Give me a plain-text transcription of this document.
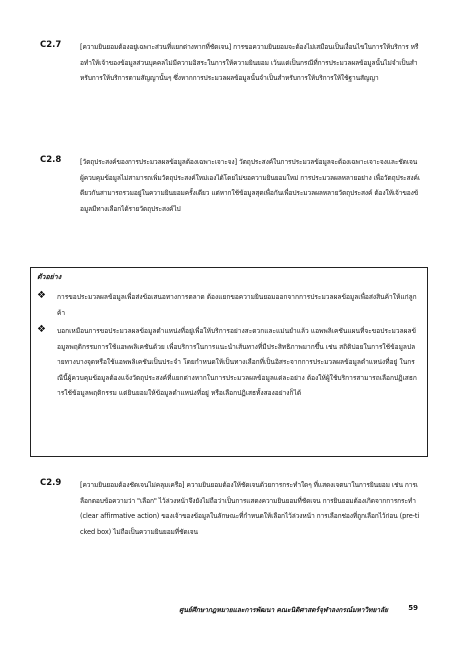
C2.7	[ความยินยอมต้องอยู่เฉพาะส่วนที่แยกต่างหากที่ชัดเจน] การขอความยินยอมจะต้องไม่เสมือนเป็นเงื่อนไขในการให้บริการ หรือทำให้เจ้าของข้อมูลส่วนบุคคลไม่มีความอิสระในการให้ความยินยอม เว้นแต่เป็นกรณีที่การประมวลผลข้อมูลนั้นไม่จำเป็นสำหรับการให้บริการตามสัญญานั้นๆ ซึ่งหากการประมวลผลข้อมูลนั้นจำเป็นสำหรับการให้บริการให้ใช้ฐานสัญญา
C2.8	[วัตถุประสงค์ของการประมวลผลข้อมูลต้องเฉพาะเจาะจง] วัตถุประสงค์ในการประมวลข้อมูลจะต้องเฉพาะเจาะจงและชัดเจน ผู้ควบคุมข้อมูลไม่สามารถเพิ่มวัตถุประสงค์ใหม่เองได้โดยไม่ขอความยินยอมใหม่ การประมวลผลหลายอย่าง เพื่อวัตถุประสงค์เดียวกันสามารถรวมอยู่ในความยินยอมครั้งเดียว แต่หากใช้ข้อมูลสุดเพื่อกันเพื่อประมวลผลหลายวัตถุประสงค์ ต้องให้เจ้าของข้อมูลมีทางเลือกได้รายวัตถุประสงค์ไป
ตัวอย่าง
❖ การขอประมวลผลข้อมูลเพื่อส่งข้อเสนอทางการตลาด ต้องแยกขอความยินยอมออกจากการประมวลผลข้อมูลเพื่อส่งสินค้าให้แก่ลูกค้า
❖ บอกเหมือนการขอประมวลผลข้อมูลตำแหน่งที่อยู่เพื่อให้บริการอย่างสะดวกและแม่นยำแล้ว แอพพลิเคชันแผนที่จะขอประมวลผลข้อมูลพฤติกรรมการใช้แอพพลิเคชันด้วย เพื่อบริการในการแนะนำเส้นทางที่มีประสิทธิภาพมากขึ้น เช่น สถิติบ่อยในการใช้ข้อมูลปลายทางบางจุดหรือใช้แอพพลิเคชันเป็นประจำ โดยกำหนดให้เป็นทางเลือกที่เป็นอิสระจากการประมวลผลข้อมูลตำแหน่งที่อยู่ ในกรณีนี้ผู้ควบคุมข้อมูลต้องแจ้งวัตถุประสงค์ที่แยกต่างหากในการประมวลผลข้อมูลแต่ละอย่าง ต้องให้ผู้ใช้บริการสามารถเลือกปฏิเสธการใช้ข้อมูลพฤติกรรม แต่ยินยอมให้ข้อมูลตำแหน่งที่อยู่ หรือเลือกปฏิเสธทั้งสองอย่างก็ได้
C2.9	[ความยินยอมต้องชัดเจนไม่คลุมเครือ] ความยินยอมต้องให้ชัดเจนด้วยการกระทำใดๆ ที่แสดงเจตนาในการยินยอม เช่น การเลือกตอบข้อความว่า "เลือก" ไว้ล่วงหน้าจึงยังไม่ถือว่าเป็นการแสดงความยินยอมที่ชัดเจน การยินยอมต้องเกิดจากการกระทำ (clear affirmative action) ของเจ้าของข้อมูลในลักษณะที่กำหนดให้เลือกไว้ล่วงหน้า การเลือกช่องที่ถูกเลือกไว้ก่อน (pre-ticked box) ไม่ถือเป็นความยินยอมที่ชัดเจน
ศูนย์ศึกษากฎหมายและการพัฒนา คณะนิติศาสตร์จุฬาลงกรณ์มหาวิทยาลัย	59
